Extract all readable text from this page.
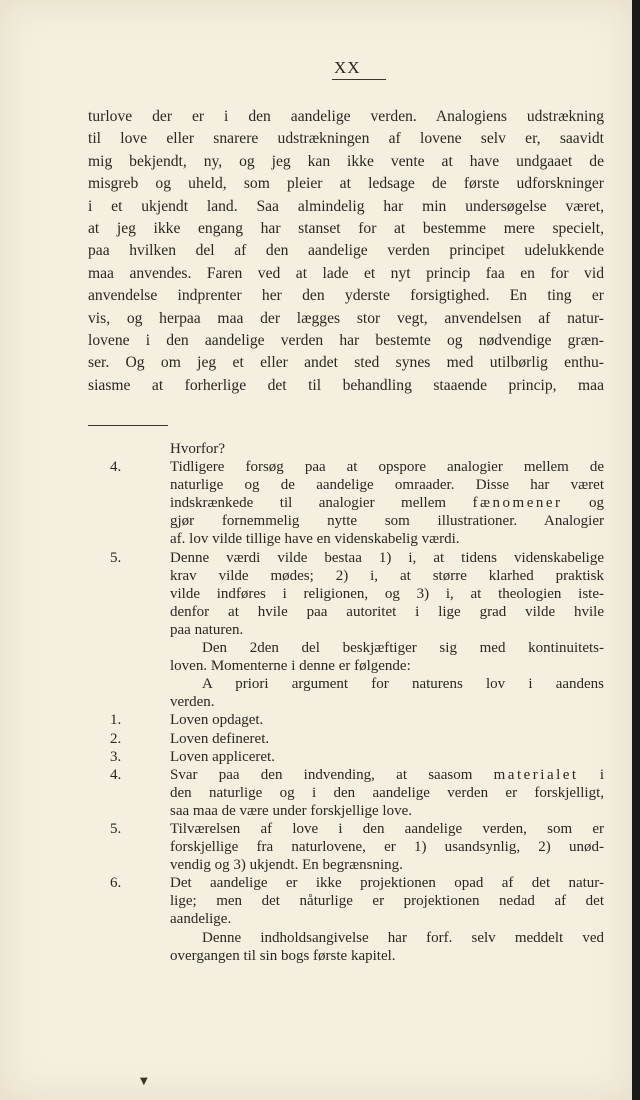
XX
turlove der er i den aandelige verden. Analogiens udstrækning
til love eller snarere udstrækningen af lovene selv er, saavidt
mig bekjendt, ny, og jeg kan ikke vente at have undgaaet de
misgreb og uheld, som pleier at ledsage de første udforskninger
i et ukjendt land. Saa almindelig har min undersøgelse været,
at jeg ikke engang har stanset for at bestemme mere specielt,
paa hvilken del af den aandelige verden principet udelukkende
maa anvendes. Faren ved at lade et nyt princip faa en for vid
anvendelse indprenter her den yderste forsigtighed. En ting er
vis, og herpaa maa der lægges stor vegt, anvendelsen af natur-
lovene i den aandelige verden har bestemte og nødvendige græn-
ser. Og om jeg et eller andet sted synes med utilbørlig enthu-
siasme at forherlige det til behandling staaende princip, maa
Hvorfor?
4.	Tidligere forsøg paa at opspore analogier mellem de
naturlige og de aandelige omraader. Disse har været
indskrænkede til analogier mellem fænomener og
gjør fornemmelig nytte som illustrationer. Analogier
af. lov vilde tillige have en videnskabelig værdi.
5.	Denne værdi vilde bestaa 1) i, at tidens videnskabelige
krav vilde mødes; 2) i, at større klarhed praktisk
vilde indføres i religionen, og 3) i, at theologien iste-
denfor at hvile paa autoritet i lige grad vilde hvile
paa naturen.
Den 2den del beskjæftiger sig med kontinuitets-
loven. Momenterne i denne er følgende:
A priori argument for naturens lov i aandens
verden.
1.	Loven opdaget.
2.	Loven defineret.
3.	Loven appliceret.
4.	Svar paa den indvending, at saasom materialet i
den naturlige og i den aandelige verden er forskjelligt,
saa maa de være under forskjellige love.
5.	Tilværelsen af love i den aandelige verden, som er
forskjellige fra naturlovene, er 1) usandsynlig, 2) unød-
vendig og 3) ukjendt. En begrænsning.
6.	Det aandelige er ikke projektionen opad af det natur-
lige; men det nåturlige er projektionen nedad af det
aandelige.
Denne indholdsangivelse har forf. selv meddelt ved
overgangen til sin bogs første kapitel.
▼
